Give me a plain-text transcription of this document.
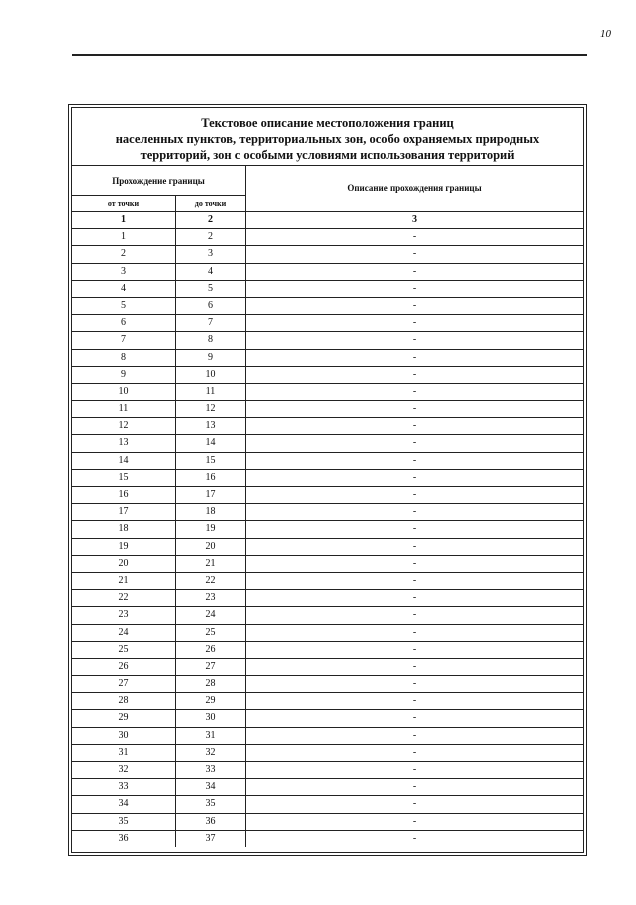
10
Текстовое описание местоположения границ
населенных пунктов, территориальных зон, особо охраняемых природных
территорий, зон с особыми условиями использования территорий
Прохождение границы
от точки	до точки
Описание прохождения границы
1	2	3
1	2	-
2	3	-
3	4	-
4	5	-
5	6	-
6	7	-
7	8	-
8	9	-
9	10	-
10	11	-
11	12	-
12	13	-
13	14	-
14	15	-
15	16	-
16	17	-
17	18	-
18	19	-
19	20	-
20	21	-
21	22	-
22	23	-
23	24	-
24	25	-
25	26	-
26	27	-
27	28	-
28	29	-
29	30	-
30	31	-
31	32	-
32	33	-
33	34	-
34	35	-
35	36	-
36	37	-
